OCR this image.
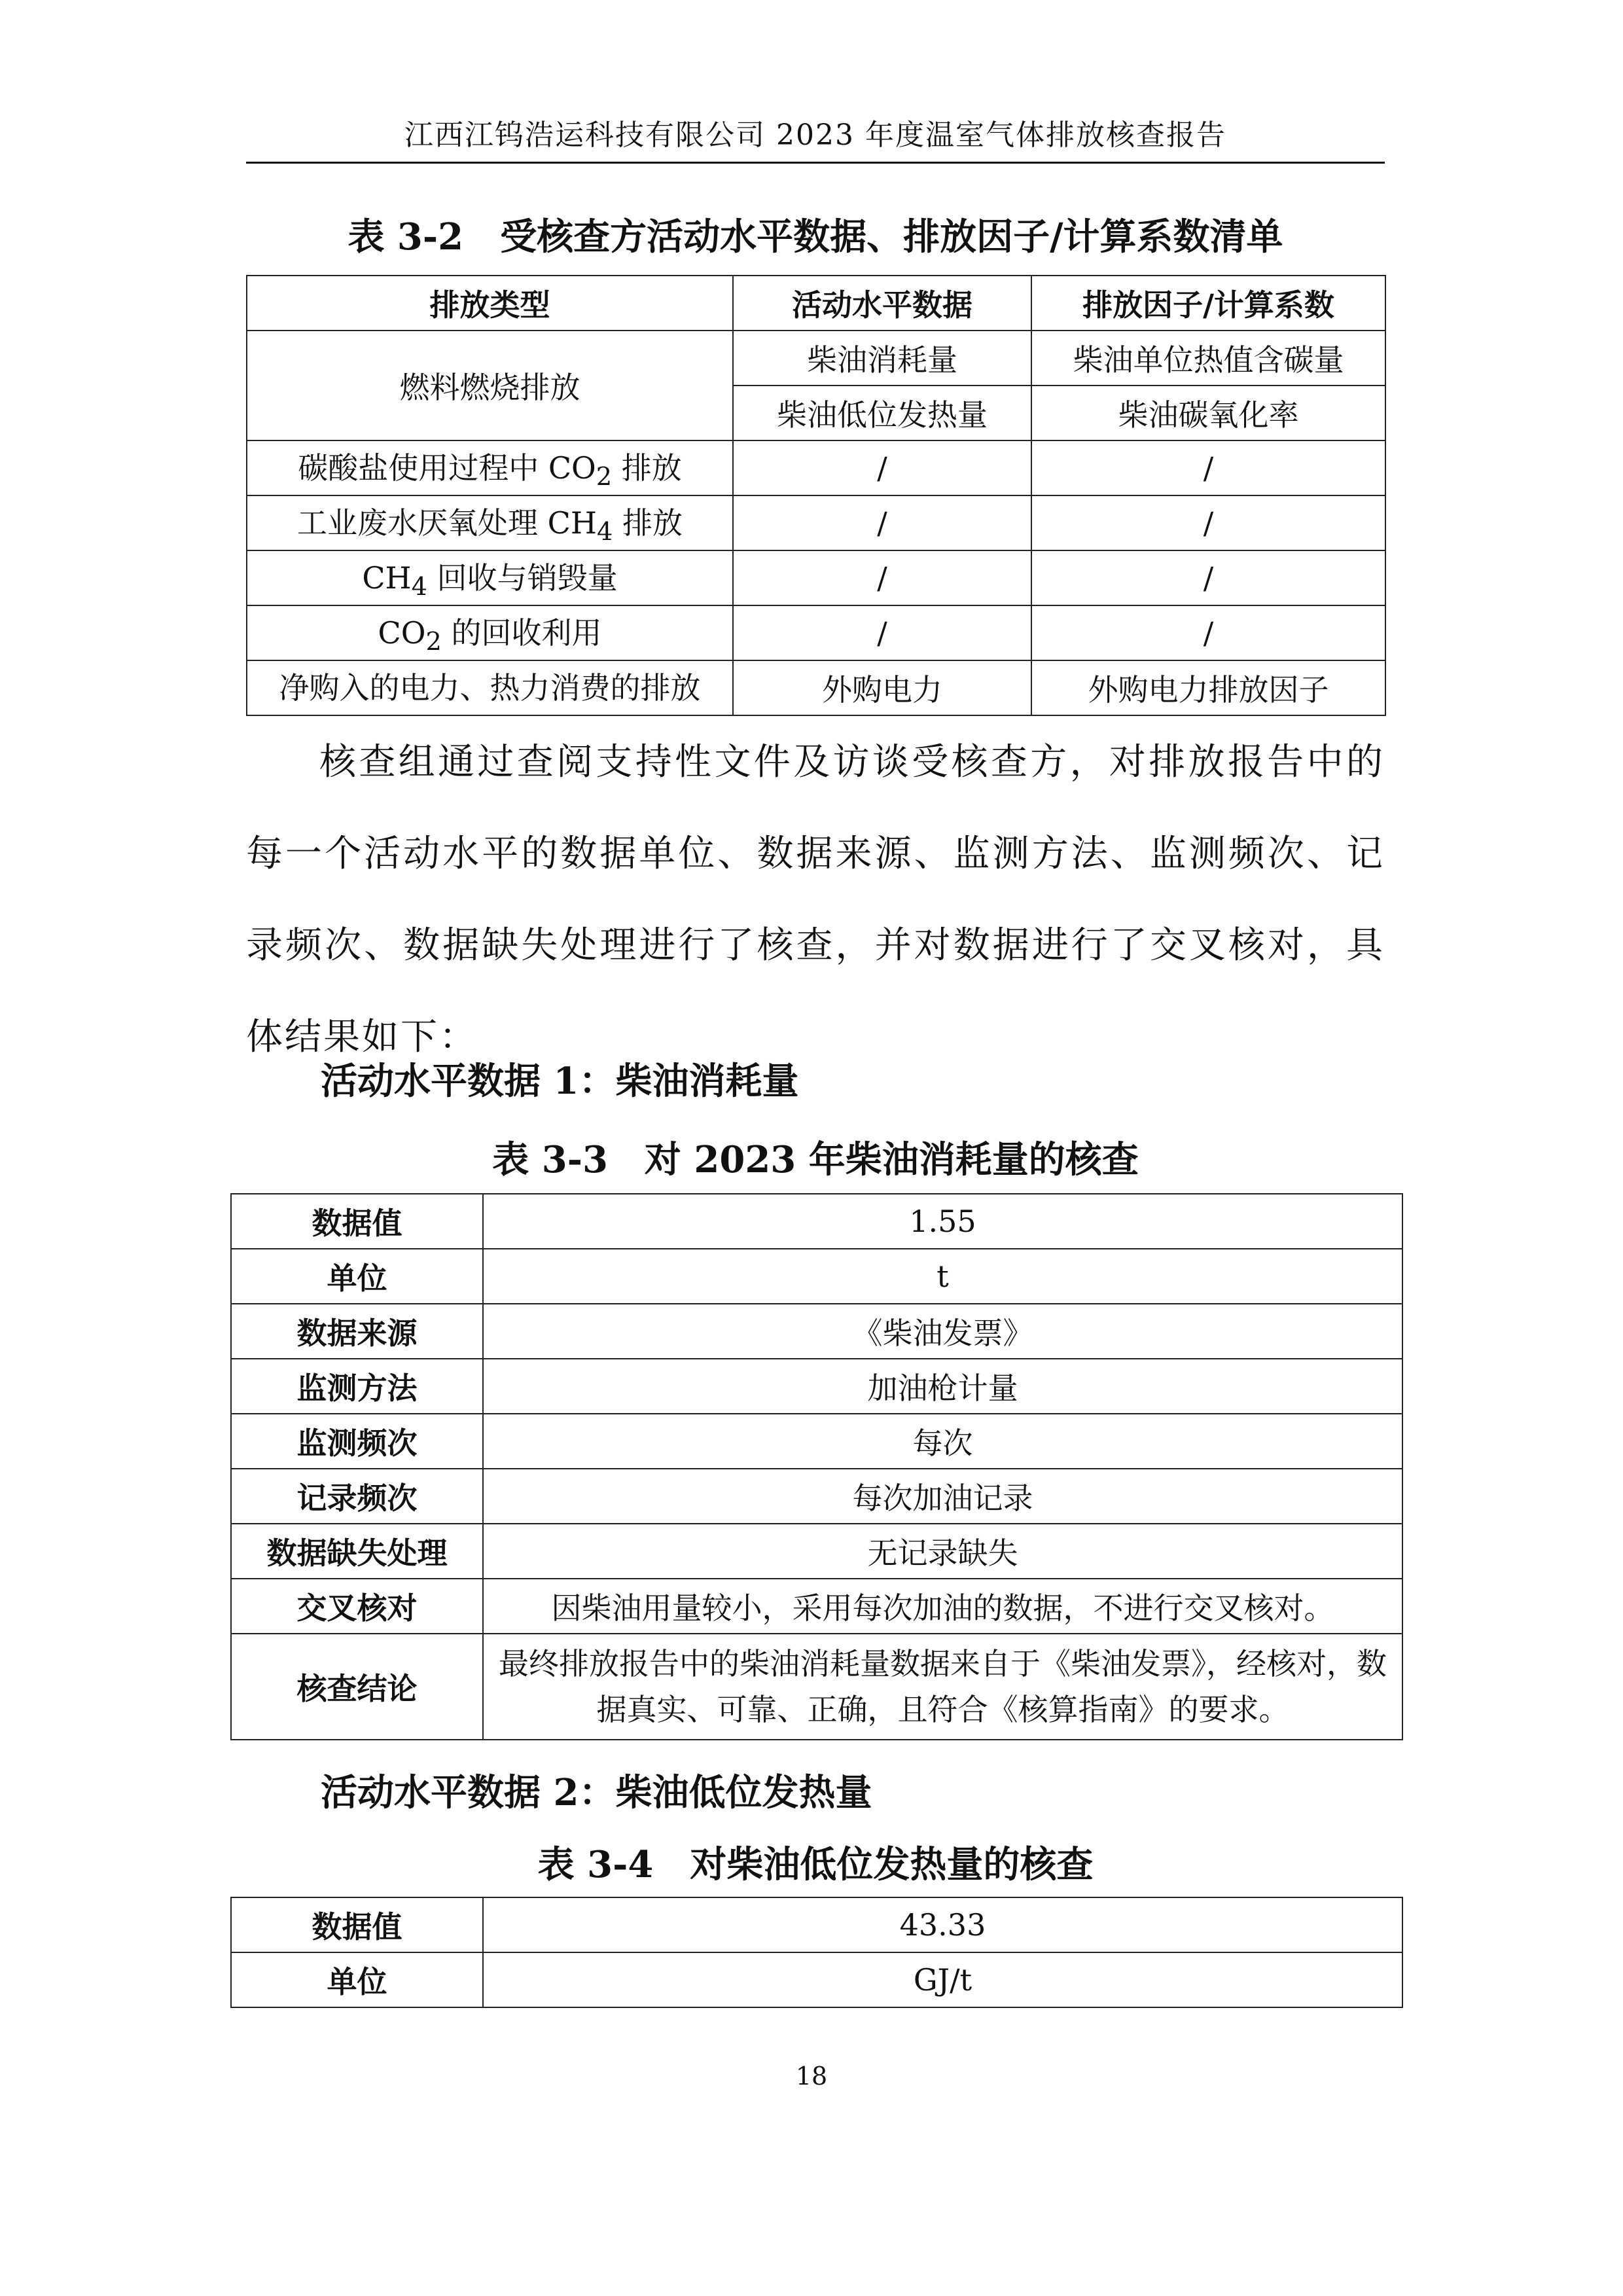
江西江钨浩运科技有限公司 2023 年度温室气体排放核查报告
表 3-2　受核查方活动水平数据、排放因子/计算系数清单
排放类型	活动水平数据	排放因子/计算系数
燃料燃烧排放	柴油消耗量	柴油单位热值含碳量
	柴油低位发热量	柴油碳氧化率
碳酸盐使用过程中 $CO_2$ 排放	/	/
工业废水厌氧处理 $CH_4$ 排放	/	/
$CH_4$ 回收与销毁量	/	/
$CO_2$ 的回收利用	/	/
净购入的电力、热力消费的排放	外购电力	外购电力排放因子
核查组通过查阅支持性文件及访谈受核查方，对排放报告中的每一个活动水平的数据单位、数据来源、监测方法、监测频次、记录频次、数据缺失处理进行了核查，并对数据进行了交叉核对，具体结果如下：
活动水平数据 1：柴油消耗量
表 3-3　对 2023 年柴油消耗量的核查
数据值	1.55
单位	t
数据来源	《柴油发票》
监测方法	加油枪计量
监测频次	每次
记录频次	每次加油记录
数据缺失处理	无记录缺失
交叉核对	因柴油用量较小，采用每次加油的数据，不进行交叉核对。
核查结论	最终排放报告中的柴油消耗量数据来自于《柴油发票》，经核对，数据真实、可靠、正确，且符合《核算指南》的要求。
活动水平数据 2：柴油低位发热量
表 3-4　对柴油低位发热量的核查
数据值	43.33
单位	GJ/t
18
